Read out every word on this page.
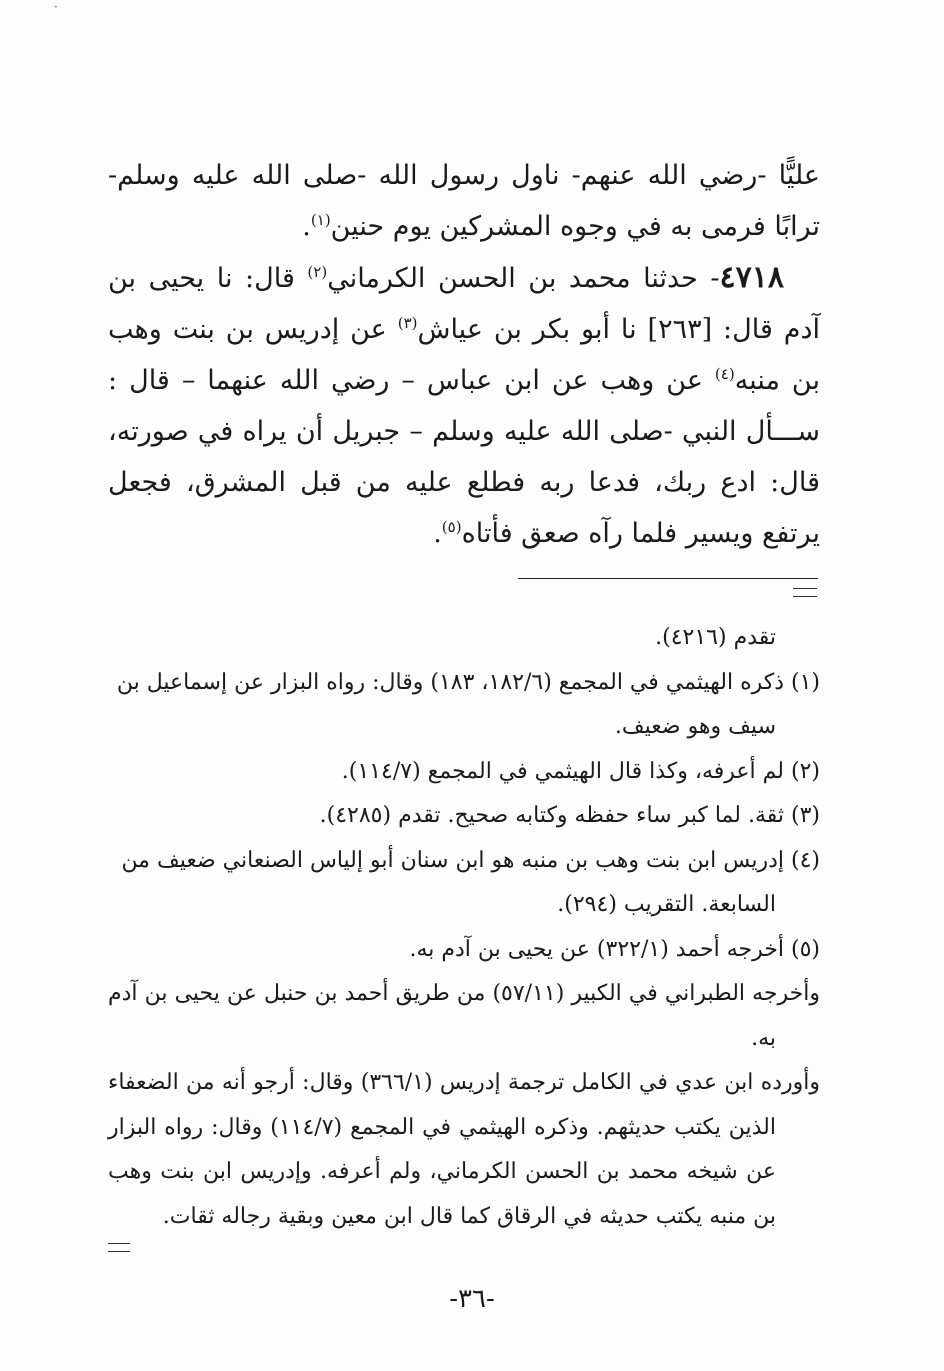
·

عليًّا -رضي الله عنهم- ناول رسول الله -صلى الله عليه وسلم- ترابًا فرمى به في وجوه المشركين يوم حنين$^{(١)}$.

٤٧١٨- حدثنا محمد بن الحسن الكرماني$^{(٢)}$ قال: نا يحيى بن آدم قال: [٢٦٣] نا أبو بكر بن عياش$^{(٣)}$ عن إدريس بن بنت وهب بن منبه$^{(٤)}$ عن وهب عن ابن عباس – رضي الله عنهما – قال : ســـأل النبي -صلى الله عليه وسلم – جبريل أن يراه في صورته، قال: ادع ربك، فدعا ربه فطلع عليه من قبل المشرق، فجعل يرتفع ويسير فلما رآه صعق فأتاه$^{(٥)}$.

تقدم (٤٢١٦).

(١) ذكره الهيثمي في المجمع (١٨٢/٦، ١٨٣) وقال: رواه البزار عن إسماعيل بن

سيف وهو ضعيف.

(٢) لم أعرفه، وكذا قال الهيثمي في المجمع (١١٤/٧).

(٣) ثقة. لما كبر ساء حفظه وكتابه صحيح. تقدم (٤٢٨٥).

(٤) إدريس ابن بنت وهب بن منبه هو ابن سنان أبو إلياس الصنعاني ضعيف من

السابعة. التقريب (٢٩٤).

(٥) أخرجه أحمد (٣٢٢/١) عن يحيى بن آدم به.

وأخرجه الطبراني في الكبير (٥٧/١١) من طريق أحمد بن حنبل عن يحيى بن آدم به.

وأورده ابن عدي في الكامل ترجمة إدريس (٣٦٦/١) وقال: أرجو أنه من الضعفاء الذين يكتب حديثهم. وذكره الهيثمي في المجمع (١١٤/٧) وقال: رواه البزار عن شيخه محمد بن الحسن الكرماني، ولم أعرفه. وإدريس ابن بنت وهب بن منبه يكتب حديثه في الرقاق كما قال ابن معين وبقية رجاله ثقات.

-٣٦-
